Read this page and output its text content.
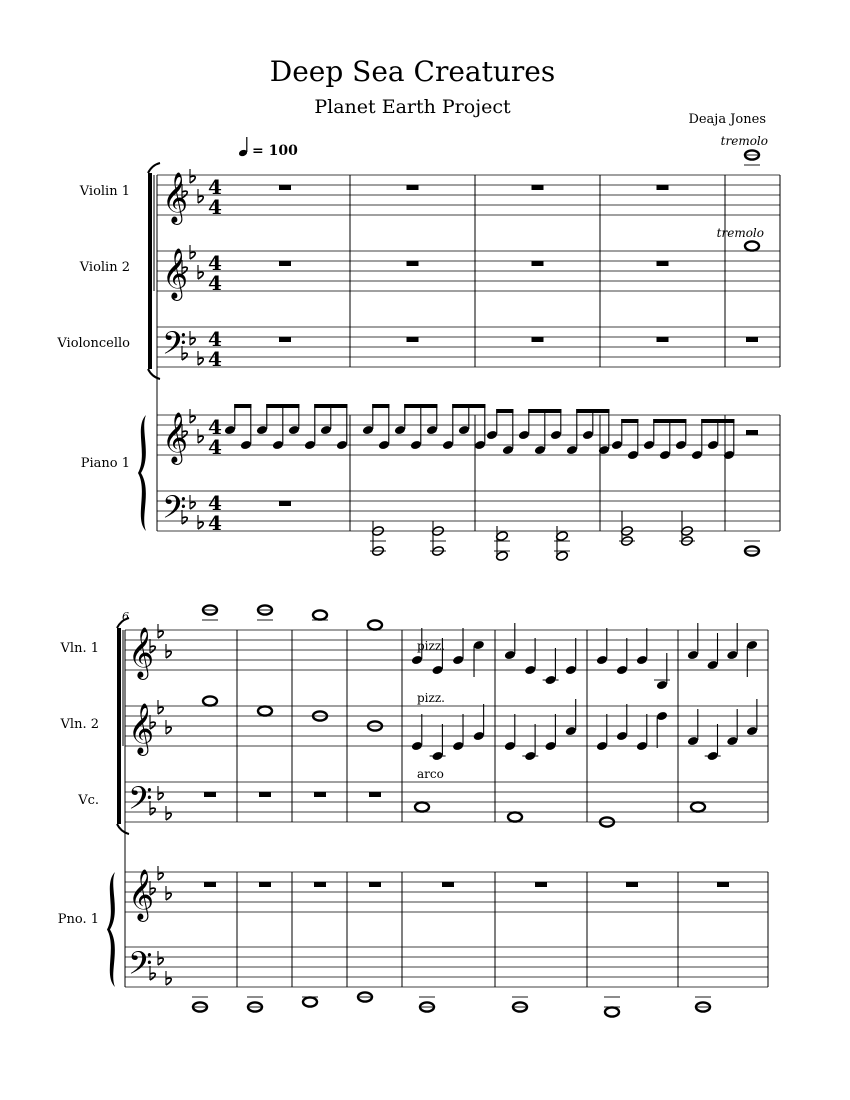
Deep Sea Creatures
Planet Earth Project
Deaja Jones
= 100
tremolo
tremolo
pizz.
pizz.
arco
6
Violin 1
Violin 2
Violoncello
Piano 1
Vln. 1
Vln. 2
Vc.
Pno. 1
𝄞
𝄞
𝄢
𝄞
𝄢
4
4
4
4
4
4
4
4
4
4
𝄞
𝄞
𝄢
𝄞
𝄢
